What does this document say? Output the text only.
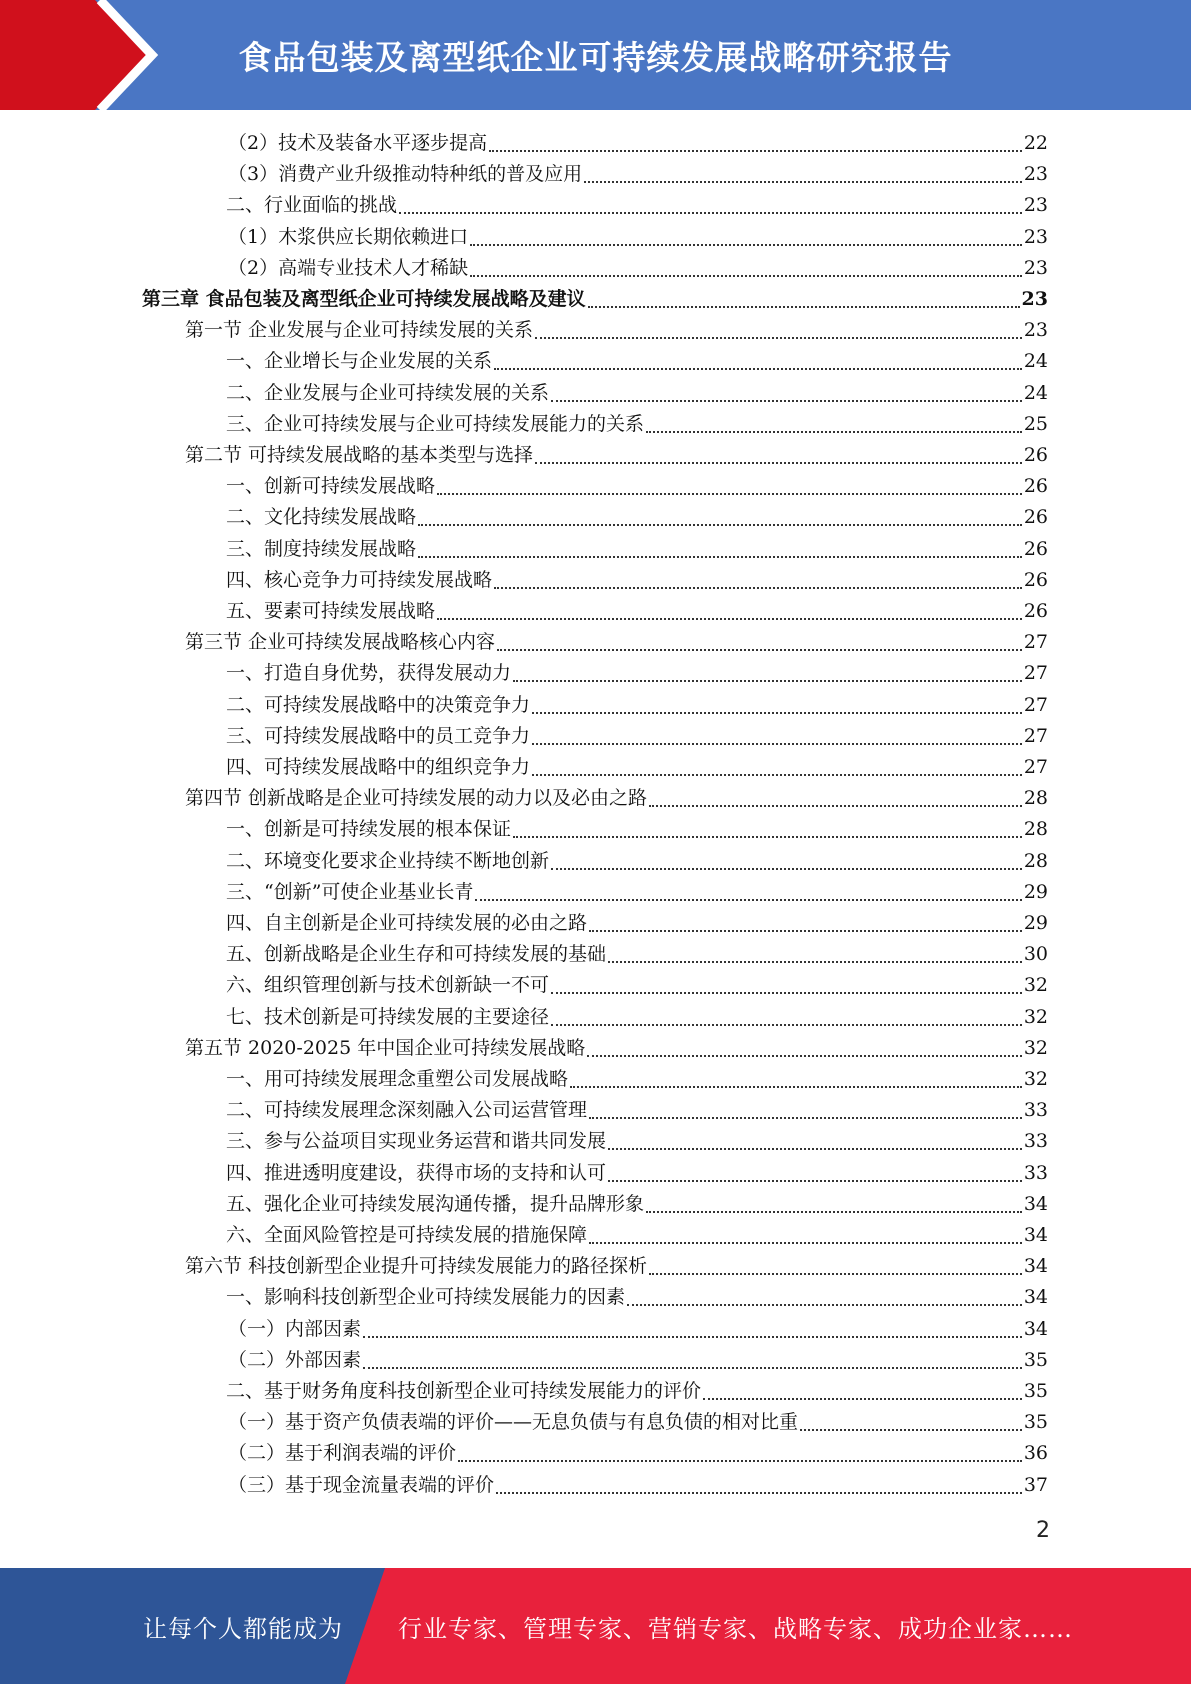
食品包装及离型纸企业可持续发展战略研究报告
（2）技术及装备水平逐步提高	22
（3）消费产业升级推动特种纸的普及应用	23
二、行业面临的挑战	23
（1）木浆供应长期依赖进口	23
（2）高端专业技术人才稀缺	23
第三章 食品包装及离型纸企业可持续发展战略及建议	23
第一节 企业发展与企业可持续发展的关系	23
一、企业增长与企业发展的关系	24
二、企业发展与企业可持续发展的关系	24
三、企业可持续发展与企业可持续发展能力的关系	25
第二节 可持续发展战略的基本类型与选择	26
一、创新可持续发展战略	26
二、文化持续发展战略	26
三、制度持续发展战略	26
四、核心竞争力可持续发展战略	26
五、要素可持续发展战略	26
第三节 企业可持续发展战略核心内容	27
一、打造自身优势，获得发展动力	27
二、可持续发展战略中的决策竞争力	27
三、可持续发展战略中的员工竞争力	27
四、可持续发展战略中的组织竞争力	27
第四节 创新战略是企业可持续发展的动力以及必由之路	28
一、创新是可持续发展的根本保证	28
二、环境变化要求企业持续不断地创新	28
三、“创新”可使企业基业长青	29
四、自主创新是企业可持续发展的必由之路	29
五、创新战略是企业生存和可持续发展的基础	30
六、组织管理创新与技术创新缺一不可	32
七、技术创新是可持续发展的主要途径	32
第五节 2020-2025 年中国企业可持续发展战略	32
一、用可持续发展理念重塑公司发展战略	32
二、可持续发展理念深刻融入公司运营管理	33
三、参与公益项目实现业务运营和谐共同发展	33
四、推进透明度建设，获得市场的支持和认可	33
五、强化企业可持续发展沟通传播，提升品牌形象	34
六、全面风险管控是可持续发展的措施保障	34
第六节 科技创新型企业提升可持续发展能力的路径探析	34
一、影响科技创新型企业可持续发展能力的因素	34
（一）内部因素	34
（二）外部因素	35
二、基于财务角度科技创新型企业可持续发展能力的评价	35
（一）基于资产负债表端的评价——无息负债与有息负债的相对比重	35
（二）基于利润表端的评价	36
（三）基于现金流量表端的评价	37
2
让每个人都能成为 行业专家、管理专家、营销专家、战略专家、成功企业家……
